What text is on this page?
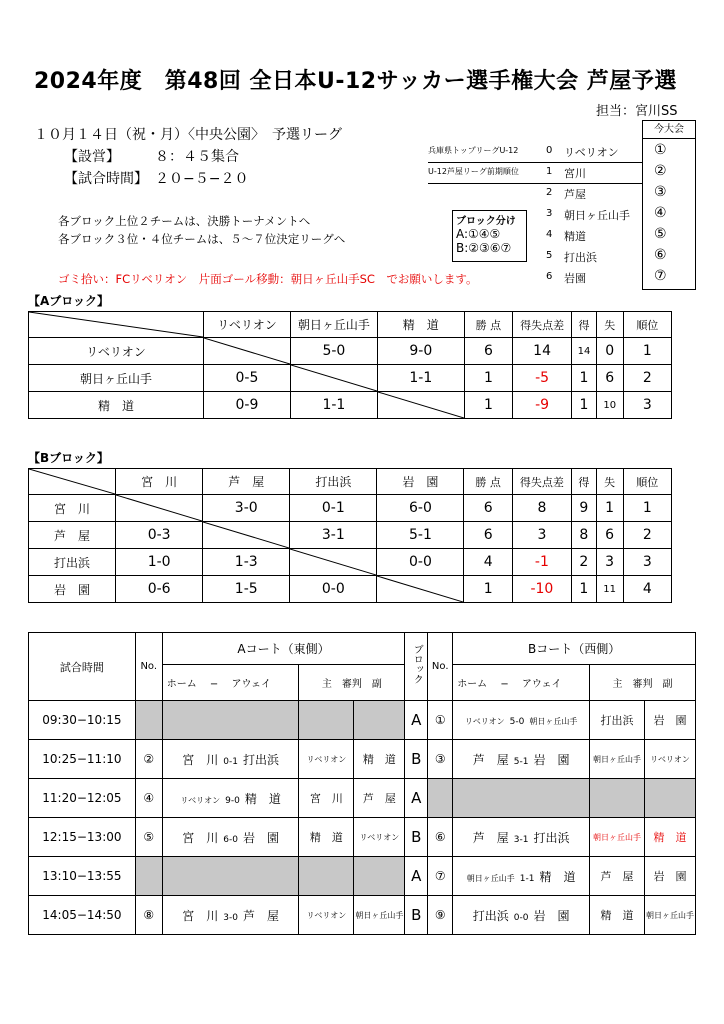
2024年度　第48回 全日本U-12サッカー選手権大会 芦屋予選
担当：宮川SS
１０月１４日（祝・月）〈中央公園〉　予選リーグ
【設営】　　　８：４５集合
【試合時間】　２０−５−２０
各ブロック上位２チームは、決勝トーナメントへ
各ブロック３位・４位チームは、５〜７位決定リーグへ
ゴミ拾い：FCリベリオン　片面ゴール移動：朝日ヶ丘山手SC　でお願いします。
今大会
兵庫県トップリーグU-12	0 リベリオン	①
U-12芦屋リーグ前期順位	1 宮川	②
2 芦屋	③
3 朝日ヶ丘山手 ④
4 精道	⑤
5 打出浜	⑥
6 岩園	⑦
ブロック分け
A:①④⑤
B:②③⑥⑦
【Aブロック】
	リベリオン	朝日ヶ丘山手	精　道	勝 点	得失点差	得	失	順位
リベリオン		5-0	9-0	6	14	14	0	1
朝日ヶ丘山手	0-5		1-1	1	-5	1	6	2
精　道	0-9	1-1		1	-9	1	10	3
【Bブロック】
	宮　川	芦　屋	打出浜	岩　園	勝 点	得失点差	得	失	順位
宮　川		3-0	0-1	6-0	6	8	9	1	1
芦　屋	0-3		3-1	5-1	6	3	8	6	2
打出浜	1-0	1-3		0-0	4	-1	2	3	3
岩　園	0-6	1-5	0-0		1	-10	1	11	4
試合時間	No.	Aコート（東側）			ブロック	No.	Bコート（西側）		
		ホーム　 −　 アウェイ	主　審判　副				ホーム　 −　 アウェイ	主　審判　副	
09:30−10:15					A	①	リベリオン 5-0 朝日ヶ丘山手	打出浜	岩　園
10:25−11:10	②	宮　川 0-1 打出浜	リベリオン	精　道	B	③	芦　屋 5-1 岩　園	朝日ヶ丘山手	リベリオン
11:20−12:05	④	リベリオン 9-0 精　道	宮　川	芦　屋	A				
12:15−13:00	⑤	宮　川 6-0 岩　園	精　道	リベリオン	B	⑥	芦　屋 3-1 打出浜	朝日ヶ丘山手	精　道
13:10−13:55					A	⑦	朝日ヶ丘山手 1-1 精　道	芦　屋	岩　園
14:05−14:50	⑧	宮　川 3-0 芦　屋	リベリオン	朝日ヶ丘山手	B	⑨	打出浜 0-0 岩　園	精　道	朝日ヶ丘山手
